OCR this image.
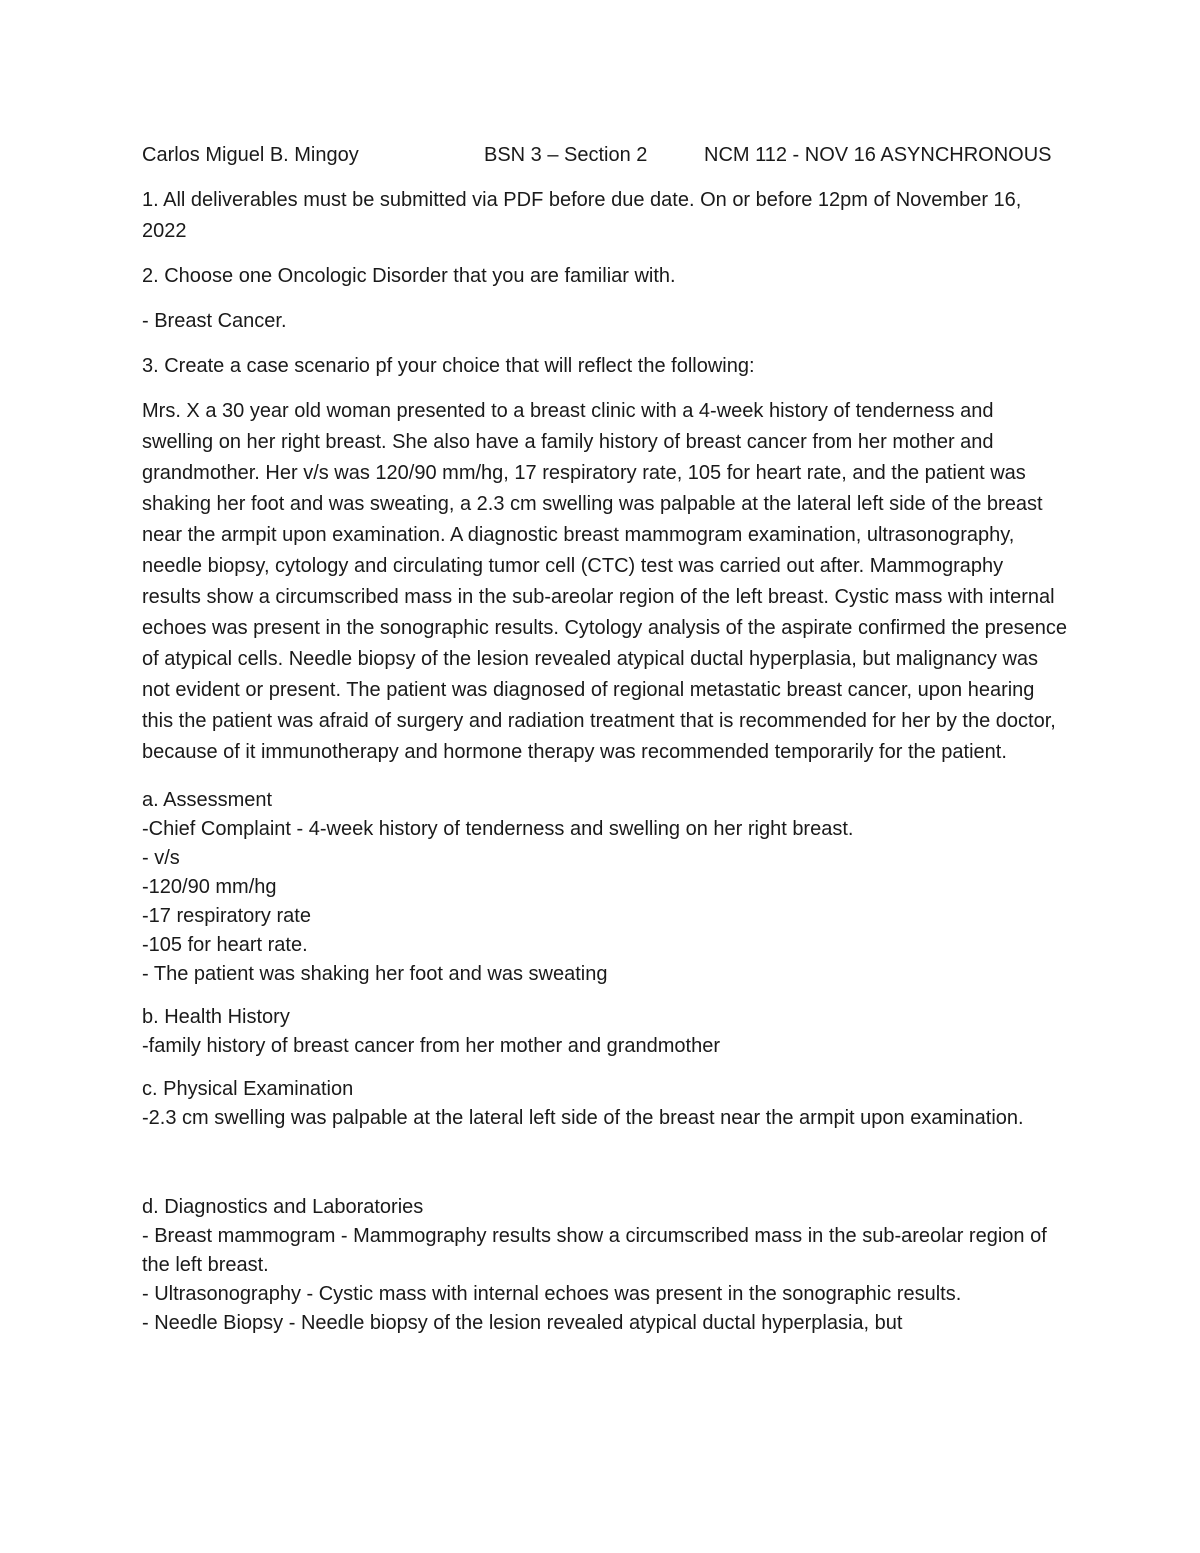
Carlos Miguel B. Mingoy	BSN 3 – Section 2	NCM 112 - NOV 16 ASYNCHRONOUS

1. All deliverables must be submitted via PDF before due date. On or before 12pm of November 16, 2022

2. Choose one Oncologic Disorder that you are familiar with.

- Breast Cancer.

3. Create a case scenario pf your choice that will reflect the following:

Mrs. X a 30 year old woman presented to a breast clinic with a 4-week history of tenderness and swelling on her right breast. She also have a family history of breast cancer from her mother and grandmother. Her v/s was 120/90 mm/hg, 17 respiratory rate, 105 for heart rate, and the patient was shaking her foot and was sweating, a 2.3 cm swelling was palpable at the lateral left side of the breast near the armpit upon examination. A diagnostic breast mammogram examination, ultrasonography, needle biopsy, cytology and circulating tumor cell (CTC) test was carried out after. Mammography results show a circumscribed mass in the sub-areolar region of the left breast. Cystic mass with internal echoes was present in the sonographic results. Cytology analysis of the aspirate confirmed the presence of atypical cells. Needle biopsy of the lesion revealed atypical ductal hyperplasia, but malignancy was not evident or present. The patient was diagnosed of regional metastatic breast cancer, upon hearing this the patient was afraid of surgery and radiation treatment that is recommended for her by the doctor, because of it immunotherapy and hormone therapy was recommended temporarily for the patient.

a. Assessment
-Chief Complaint - 4-week history of tenderness and swelling on her right breast.
- v/s
-120/90 mm/hg
-17 respiratory rate
-105 for heart rate.
- The patient was shaking her foot and was sweating
b. Health History
-family history of breast cancer from her mother and grandmother
c. Physical Examination
-2.3 cm swelling was palpable at the lateral left side of the breast near the armpit upon examination.
d. Diagnostics and Laboratories
- Breast mammogram - Mammography results show a circumscribed mass in the sub-areolar region of the left breast.
- Ultrasonography - Cystic mass with internal echoes was present in the sonographic results.
- Needle Biopsy - Needle biopsy of the lesion revealed atypical ductal hyperplasia, but
